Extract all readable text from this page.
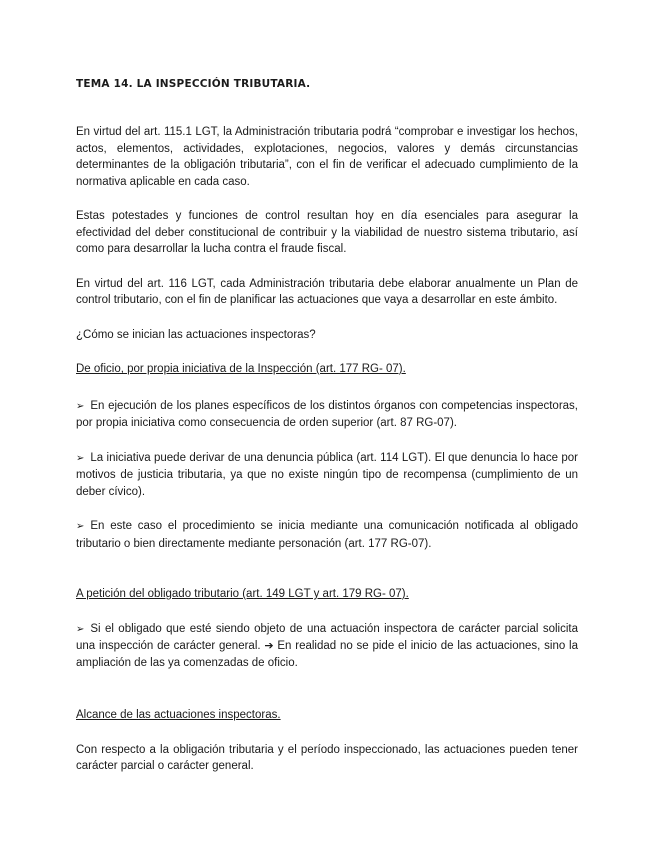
TEMA 14. LA INSPECCIÓN TRIBUTARIA.

En virtud del art. 115.1 LGT, la Administración tributaria podrá “comprobar e investigar los hechos, actos, elementos, actividades, explotaciones, negocios, valores y demás circunstancias determinantes de la obligación tributaria”, con el fin de verificar el adecuado cumplimiento de la normativa aplicable en cada caso.

Estas potestades y funciones de control resultan hoy en día esenciales para asegurar la efectividad del deber constitucional de contribuir y la viabilidad de nuestro sistema tributario, así como para desarrollar la lucha contra el fraude fiscal.

En virtud del art. 116 LGT, cada Administración tributaria debe elaborar anualmente un Plan de control tributario, con el fin de planificar las actuaciones que vaya a desarrollar en este ámbito.

¿Cómo se inician las actuaciones inspectoras?

De oficio, por propia iniciativa de la Inspección (art. 177 RG- 07).

➢ En ejecución de los planes específicos de los distintos órganos con competencias inspectoras, por propia iniciativa como consecuencia de orden superior (art. 87 RG-07).

➢ La iniciativa puede derivar de una denuncia pública (art. 114 LGT). El que denuncia lo hace por motivos de justicia tributaria, ya que no existe ningún tipo de recompensa (cumplimiento de un deber cívico).

➢ En este caso el procedimiento se inicia mediante una comunicación notificada al obligado tributario o bien directamente mediante personación (art. 177 RG-07).

A petición del obligado tributario (art. 149 LGT y art. 179 RG- 07).

➢ Si el obligado que esté siendo objeto de una actuación inspectora de carácter parcial solicita una inspección de carácter general. ➔ En realidad no se pide el inicio de las actuaciones, sino la ampliación de las ya comenzadas de oficio.

Alcance de las actuaciones inspectoras.

Con respecto a la obligación tributaria y el período inspeccionado, las actuaciones pueden tener carácter parcial o carácter general.
